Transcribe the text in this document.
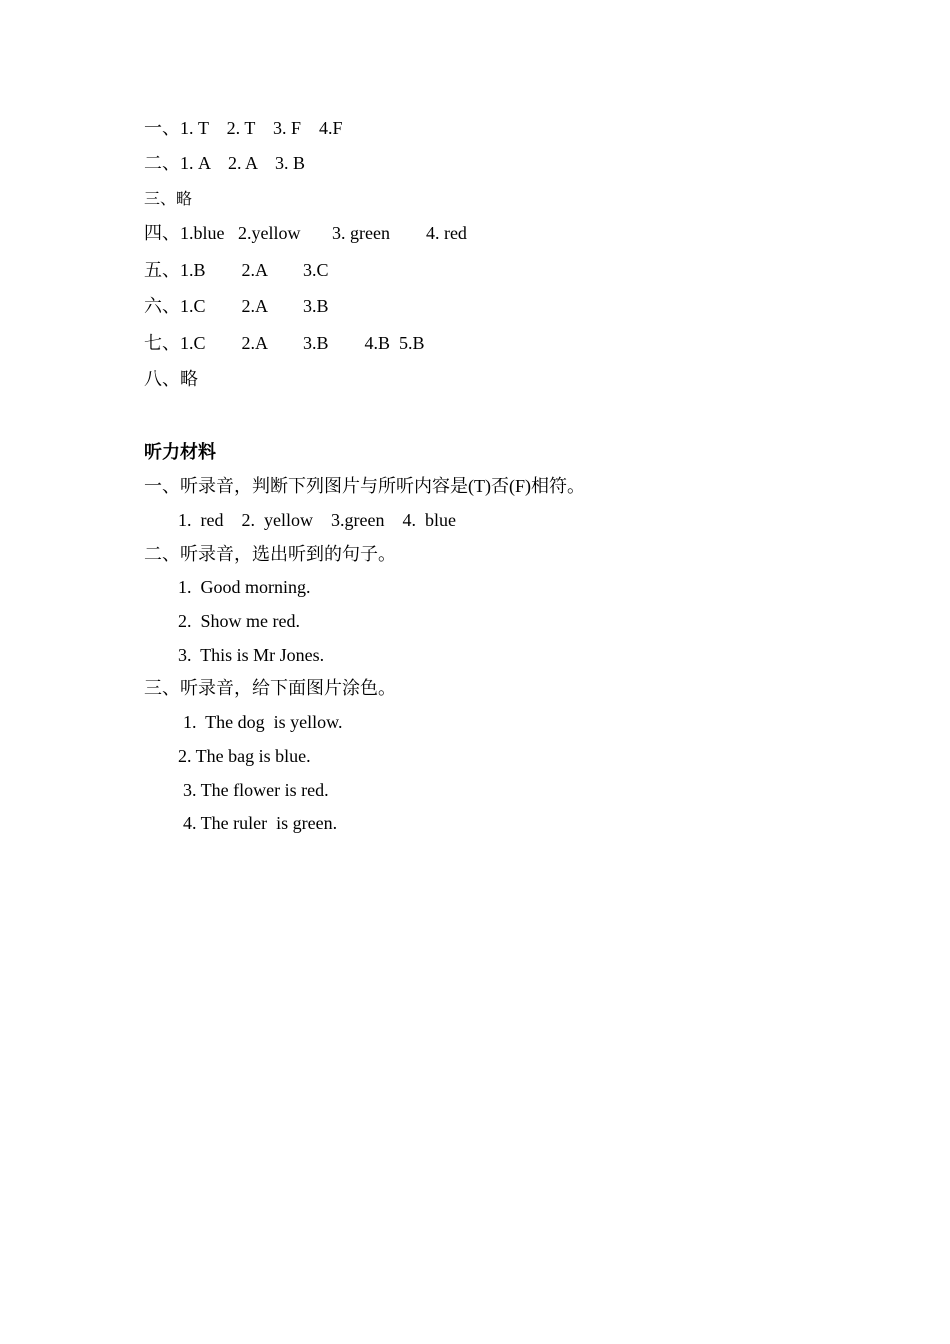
一、1. T    2. T    3. F    4.F
二、1. A    2. A    3. B
三、略
四、1.blue   2.yellow       3. green        4. red
五、1.B        2.A        3.C
六、1.C        2.A        3.B
七、1.C        2.A        3.B        4.B  5.B
八、略
听力材料
一、听录音，判断下列图片与所听内容是(T)否(F)相符。
1.  red    2.  yellow    3.green    4.  blue
二、听录音，选出听到的句子。
1.  Good morning.
2.  Show me red.
3.  This is Mr Jones.
三、听录音，给下面图片涂色。
1.  The dog  is yellow.
2. The bag is blue.
3. The flower is red.
4. The ruler  is green.
